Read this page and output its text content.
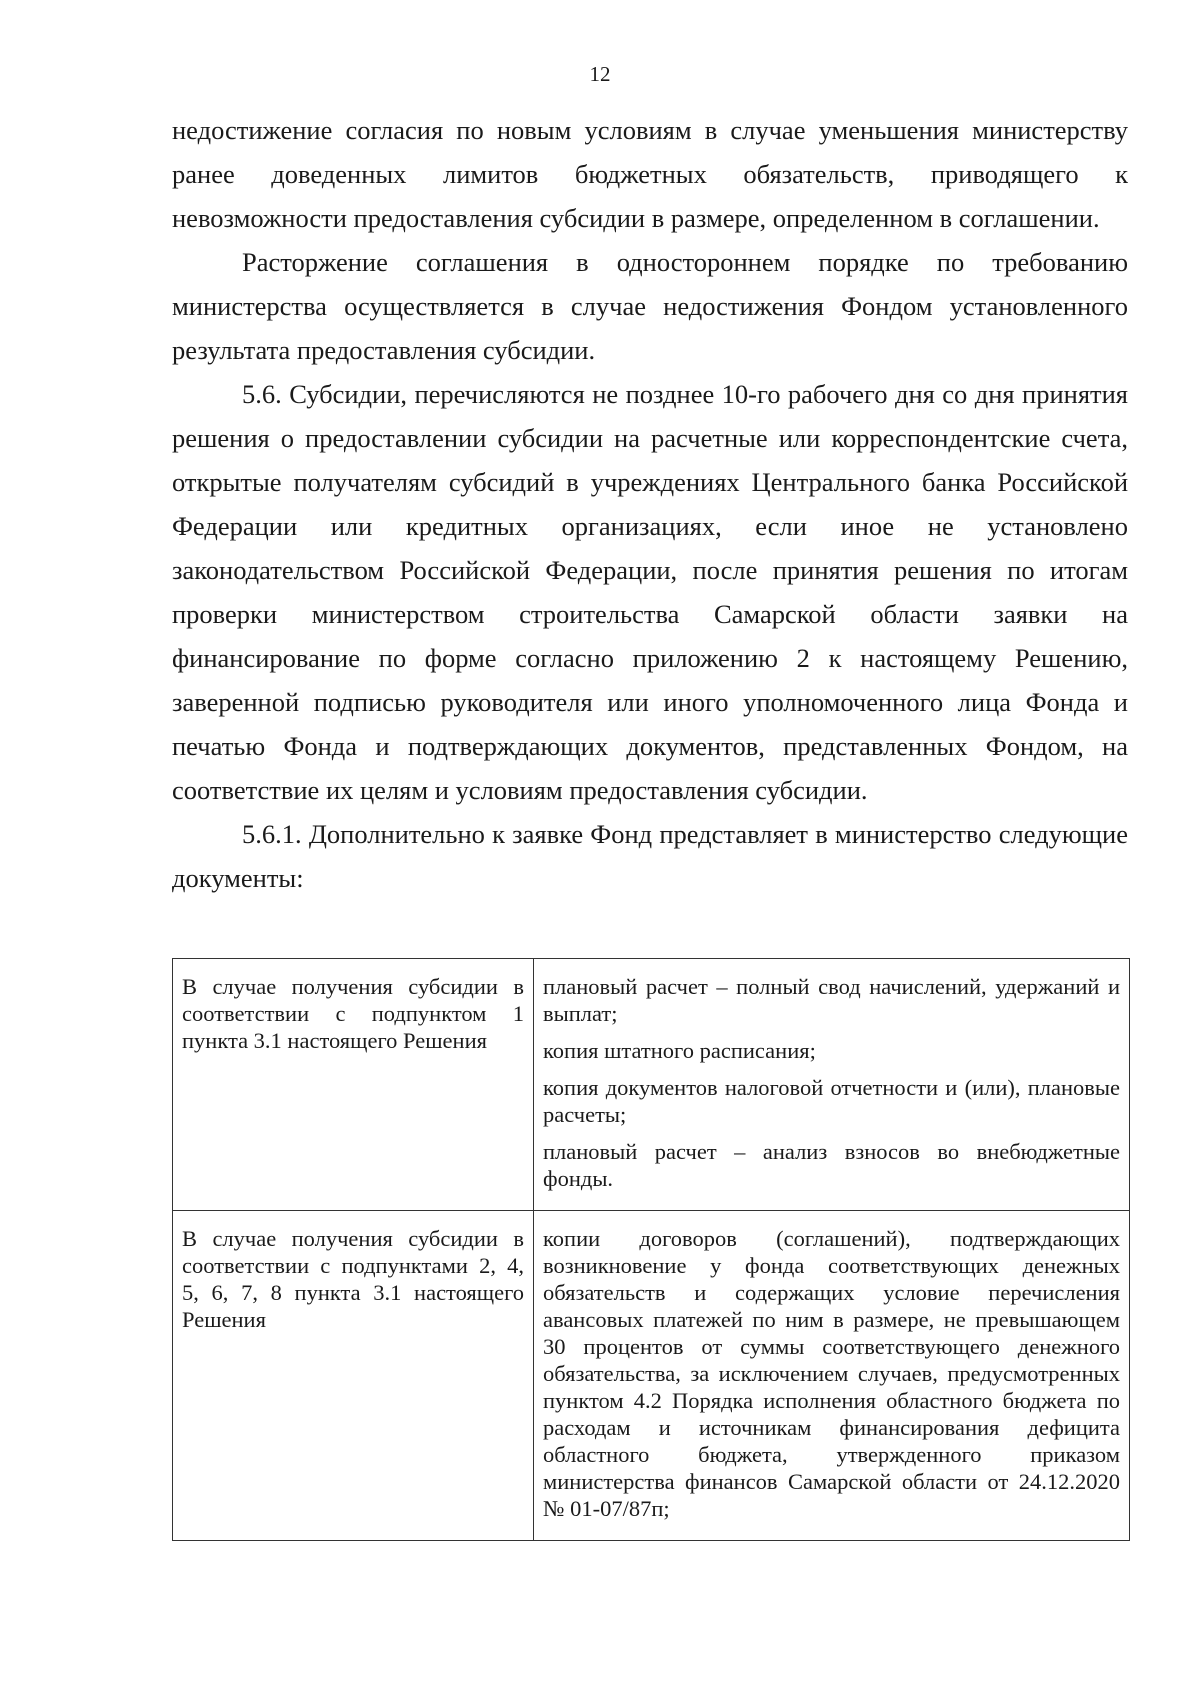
12

недостижение согласия по новым условиям в случае уменьшения министерству ранее доведенных лимитов бюджетных обязательств, приводящего к невозможности предоставления субсидии в размере, определенном в соглашении.

Расторжение соглашения в одностороннем порядке по требованию министерства осуществляется в случае недостижения Фондом установленного результата предоставления субсидии.

5.6. Субсидии, перечисляются не позднее 10-го рабочего дня со дня принятия решения о предоставлении субсидии на расчетные или корреспондентские счета, открытые получателям субсидий в учреждениях Центрального банка Российской Федерации или кредитных организациях, если иное не установлено законодательством Российской Федерации, после принятия решения по итогам проверки министерством строительства Самарской области заявки на финансирование по форме согласно приложению 2 к настоящему Решению, заверенной подписью руководителя или иного уполномоченного лица Фонда и печатью Фонда и подтверждающих документов, представленных Фондом, на соответствие их целям и условиям предоставления субсидии.

5.6.1. Дополнительно к заявке Фонд представляет в министерство следующие документы:

В случае получения субсидии в соответствии с подпунктом 1 пункта 3.1 настоящего Решения	плановый расчет – полный свод начислений, удержаний и выплат;

копия штатного расписания;

копия документов налоговой отчетности и (или), плановые расчеты;

плановый расчет – анализ взносов во внебюджетные фонды.

В случае получения субсидии в соответствии с подпунктами 2, 4, 5, 6, 7, 8 пункта 3.1 настоящего Решения	копии договоров (соглашений), подтверждающих возникновение у фонда соответствующих денежных обязательств и содержащих условие перечисления авансовых платежей по ним в размере, не превышающем 30 процентов от суммы соответствующего денежного обязательства, за исключением случаев, предусмотренных пунктом 4.2 Порядка исполнения областного бюджета по расходам и источникам финансирования дефицита областного бюджета, утвержденного приказом министерства финансов Самарской области от 24.12.2020 № 01-07/87п;
